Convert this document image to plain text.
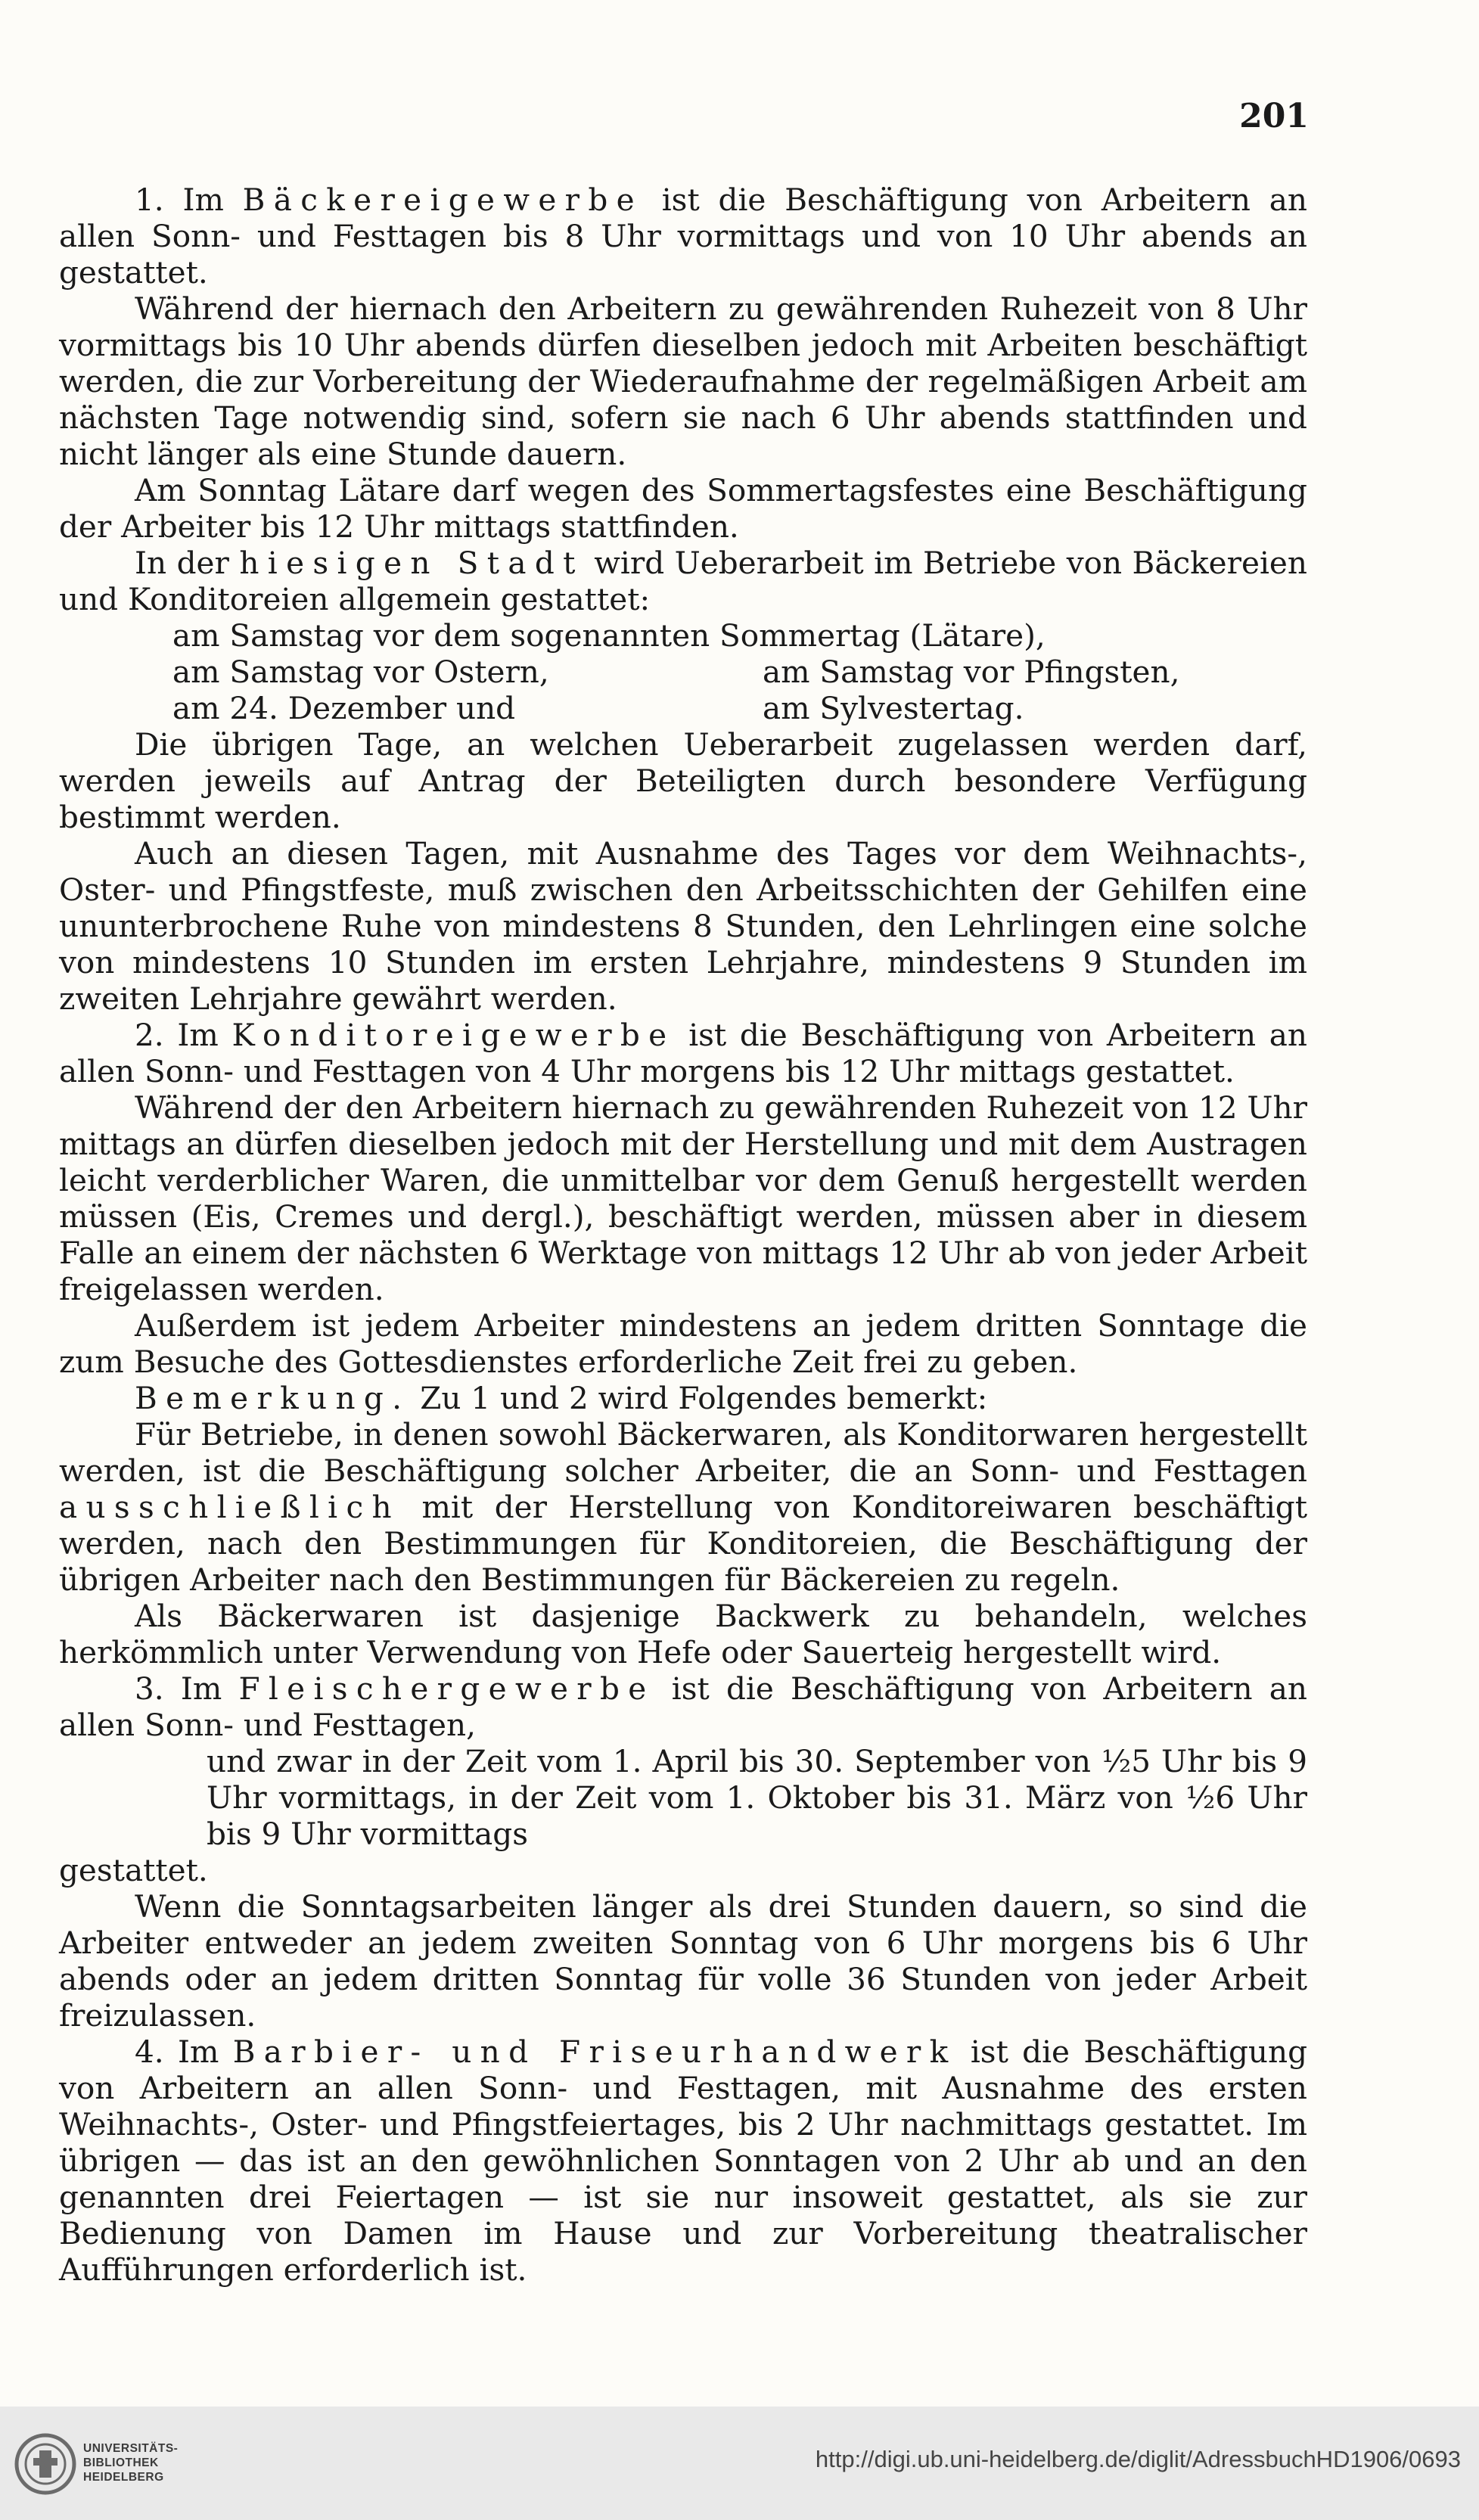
201

1. Im Bäckereigewerbe ist die Beschäftigung von Arbeitern an allen Sonn- und Festtagen bis 8 Uhr vormittags und von 10 Uhr abends an gestattet.

Während der hiernach den Arbeitern zu gewährenden Ruhezeit von 8 Uhr vormittags bis 10 Uhr abends dürfen dieselben jedoch mit Arbeiten beschäftigt werden, die zur Vorbereitung der Wiederaufnahme der regelmäßigen Arbeit am nächsten Tage notwendig sind, sofern sie nach 6 Uhr abends stattfinden und nicht länger als eine Stunde dauern.

Am Sonntag Lätare darf wegen des Sommertagsfestes eine Beschäftigung der Arbeiter bis 12 Uhr mittags stattfinden.

In der hiesigen Stadt wird Ueberarbeit im Betriebe von Bäckereien und Konditoreien allgemein gestattet:

am Samstag vor dem sogenannten Sommertag (Lätare),
am Samstag vor Ostern,	am Samstag vor Pfingsten,
am 24. Dezember und	am Sylvestertag.

Die übrigen Tage, an welchen Ueberarbeit zugelassen werden darf, werden jeweils auf Antrag der Beteiligten durch besondere Verfügung bestimmt werden.

Auch an diesen Tagen, mit Ausnahme des Tages vor dem Weihnachts-, Oster- und Pfingstfeste, muß zwischen den Arbeitsschichten der Gehilfen eine ununterbrochene Ruhe von mindestens 8 Stunden, den Lehrlingen eine solche von mindestens 10 Stunden im ersten Lehrjahre, mindestens 9 Stunden im zweiten Lehrjahre gewährt werden.

2. Im Konditoreigewerbe ist die Beschäftigung von Arbeitern an allen Sonn- und Festtagen von 4 Uhr morgens bis 12 Uhr mittags gestattet.

Während der den Arbeitern hiernach zu gewährenden Ruhezeit von 12 Uhr mittags an dürfen dieselben jedoch mit der Herstellung und mit dem Austragen leicht verderblicher Waren, die unmittelbar vor dem Genuß hergestellt werden müssen (Eis, Cremes und dergl.), beschäftigt werden, müssen aber in diesem Falle an einem der nächsten 6 Werktage von mittags 12 Uhr ab von jeder Arbeit freigelassen werden.

Außerdem ist jedem Arbeiter mindestens an jedem dritten Sonntage die zum Besuche des Gottesdienstes erforderliche Zeit frei zu geben.

Bemerkung. Zu 1 und 2 wird Folgendes bemerkt:

Für Betriebe, in denen sowohl Bäckerwaren, als Konditorwaren hergestellt werden, ist die Beschäftigung solcher Arbeiter, die an Sonn- und Festtagen ausschließlich mit der Herstellung von Konditoreiwaren beschäftigt werden, nach den Bestimmungen für Konditoreien, die Beschäftigung der übrigen Arbeiter nach den Bestimmungen für Bäckereien zu regeln.

Als Bäckerwaren ist dasjenige Backwerk zu behandeln, welches herkömmlich unter Verwendung von Hefe oder Sauerteig hergestellt wird.

3. Im Fleischergewerbe ist die Beschäftigung von Arbeitern an allen Sonn- und Festtagen,

und zwar in der Zeit vom 1. April bis 30. September von ½5 Uhr bis 9 Uhr vormittags, in der Zeit vom 1. Oktober bis 31. März von ½6 Uhr bis 9 Uhr vormittags

gestattet.

Wenn die Sonntagsarbeiten länger als drei Stunden dauern, so sind die Arbeiter entweder an jedem zweiten Sonntag von 6 Uhr morgens bis 6 Uhr abends oder an jedem dritten Sonntag für volle 36 Stunden von jeder Arbeit freizulassen.

4. Im Barbier- und Friseurhandwerk ist die Beschäftigung von Arbeitern an allen Sonn- und Festtagen, mit Ausnahme des ersten Weihnachts-, Oster- und Pfingstfeiertages, bis 2 Uhr nachmittags gestattet. Im übrigen — das ist an den gewöhnlichen Sonntagen von 2 Uhr ab und an den genannten drei Feiertagen — ist sie nur insoweit gestattet, als sie zur Bedienung von Damen im Hause und zur Vorbereitung theatralischer Aufführungen erforderlich ist.

UNIVERSITÄTS-
BIBLIOTHEK
HEIDELBERG
http://digi.ub.uni-heidelberg.de/diglit/AdressbuchHD1906/0693
